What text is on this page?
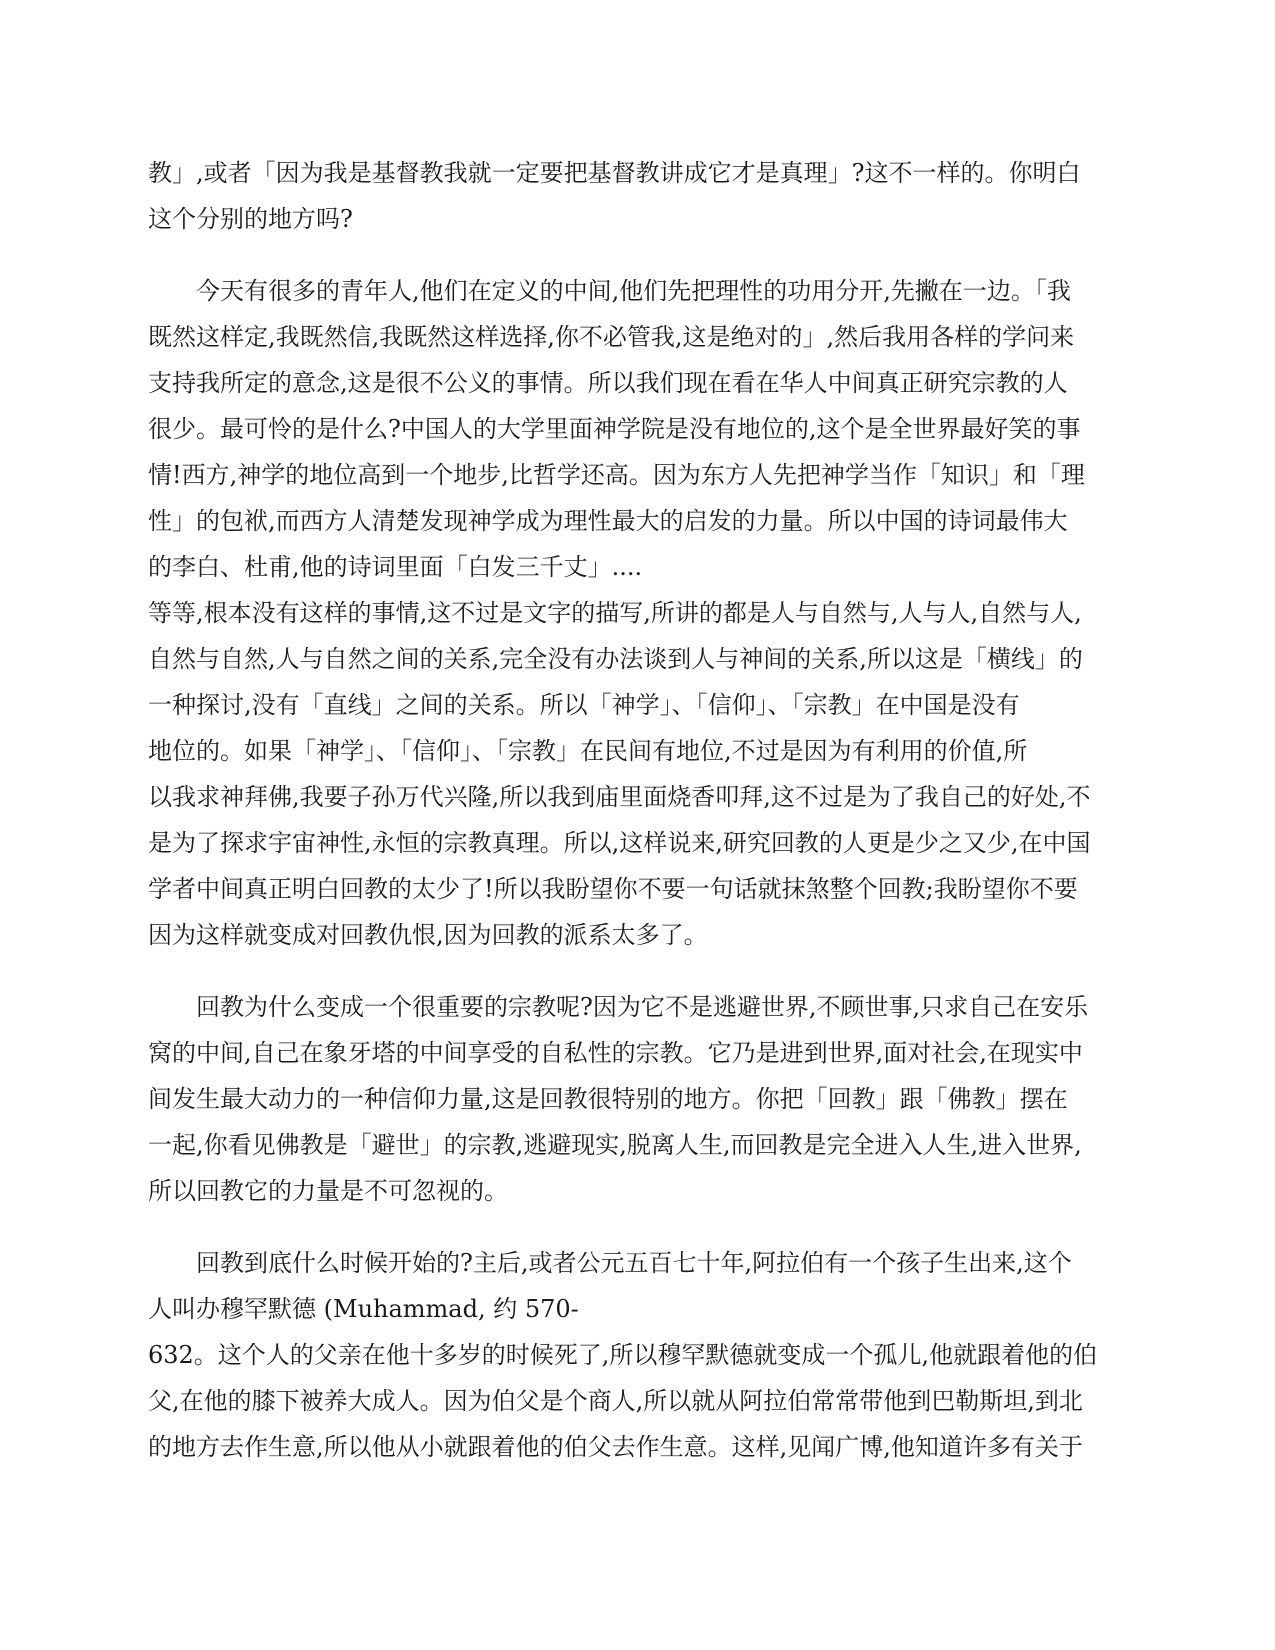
教」,或者「因为我是基督教我就一定要把基督教讲成它才是真理」?这不一样的。你明白
这个分别的地方吗?
今天有很多的青年人,他们在定义的中间,他们先把理性的功用分开,先撇在一边。「我
既然这样定,我既然信,我既然这样选择,你不必管我,这是绝对的」,然后我用各样的学问来
支持我所定的意念,这是很不公义的事情。所以我们现在看在华人中间真正研究宗教的人
很少。最可怜的是什么?中国人的大学里面神学院是没有地位的,这个是全世界最好笑的事
情!西方,神学的地位高到一个地步,比哲学还高。因为东方人先把神学当作「知识」和「理
性」的包袱,而西方人清楚发现神学成为理性最大的启发的力量。所以中国的诗词最伟大
的李白、杜甫,他的诗词里面「白发三千丈」....
等等,根本没有这样的事情,这不过是文字的描写,所讲的都是人与自然与,人与人,自然与人,
自然与自然,人与自然之间的关系,完全没有办法谈到人与神间的关系,所以这是「横线」的
一种探讨,没有「直线」之间的关系。所以「神学」、「信仰」、「宗教」在中国是没有
地位的。如果「神学」、「信仰」、「宗教」在民间有地位,不过是因为有利用的价值,所
以我求神拜佛,我要子孙万代兴隆,所以我到庙里面烧香叩拜,这不过是为了我自己的好处,不
是为了探求宇宙神性,永恒的宗教真理。所以,这样说来,研究回教的人更是少之又少,在中国
学者中间真正明白回教的太少了!所以我盼望你不要一句话就抹煞整个回教;我盼望你不要
因为这样就变成对回教仇恨,因为回教的派系太多了。
回教为什么变成一个很重要的宗教呢?因为它不是逃避世界,不顾世事,只求自己在安乐
窝的中间,自己在象牙塔的中间享受的自私性的宗教。它乃是进到世界,面对社会,在现实中
间发生最大动力的一种信仰力量,这是回教很特别的地方。你把「回教」跟「佛教」摆在
一起,你看见佛教是「避世」的宗教,逃避现实,脱离人生,而回教是完全进入人生,进入世界,
所以回教它的力量是不可忽视的。
回教到底什么时候开始的?主后,或者公元五百七十年,阿拉伯有一个孩子生出来,这个
人叫办穆罕默德 (Muhammad, 约 570-
632。这个人的父亲在他十多岁的时候死了,所以穆罕默德就变成一个孤儿,他就跟着他的伯
父,在他的膝下被养大成人。因为伯父是个商人,所以就从阿拉伯常常带他到巴勒斯坦,到北
的地方去作生意,所以他从小就跟着他的伯父去作生意。这样,见闻广博,他知道许多有关于
